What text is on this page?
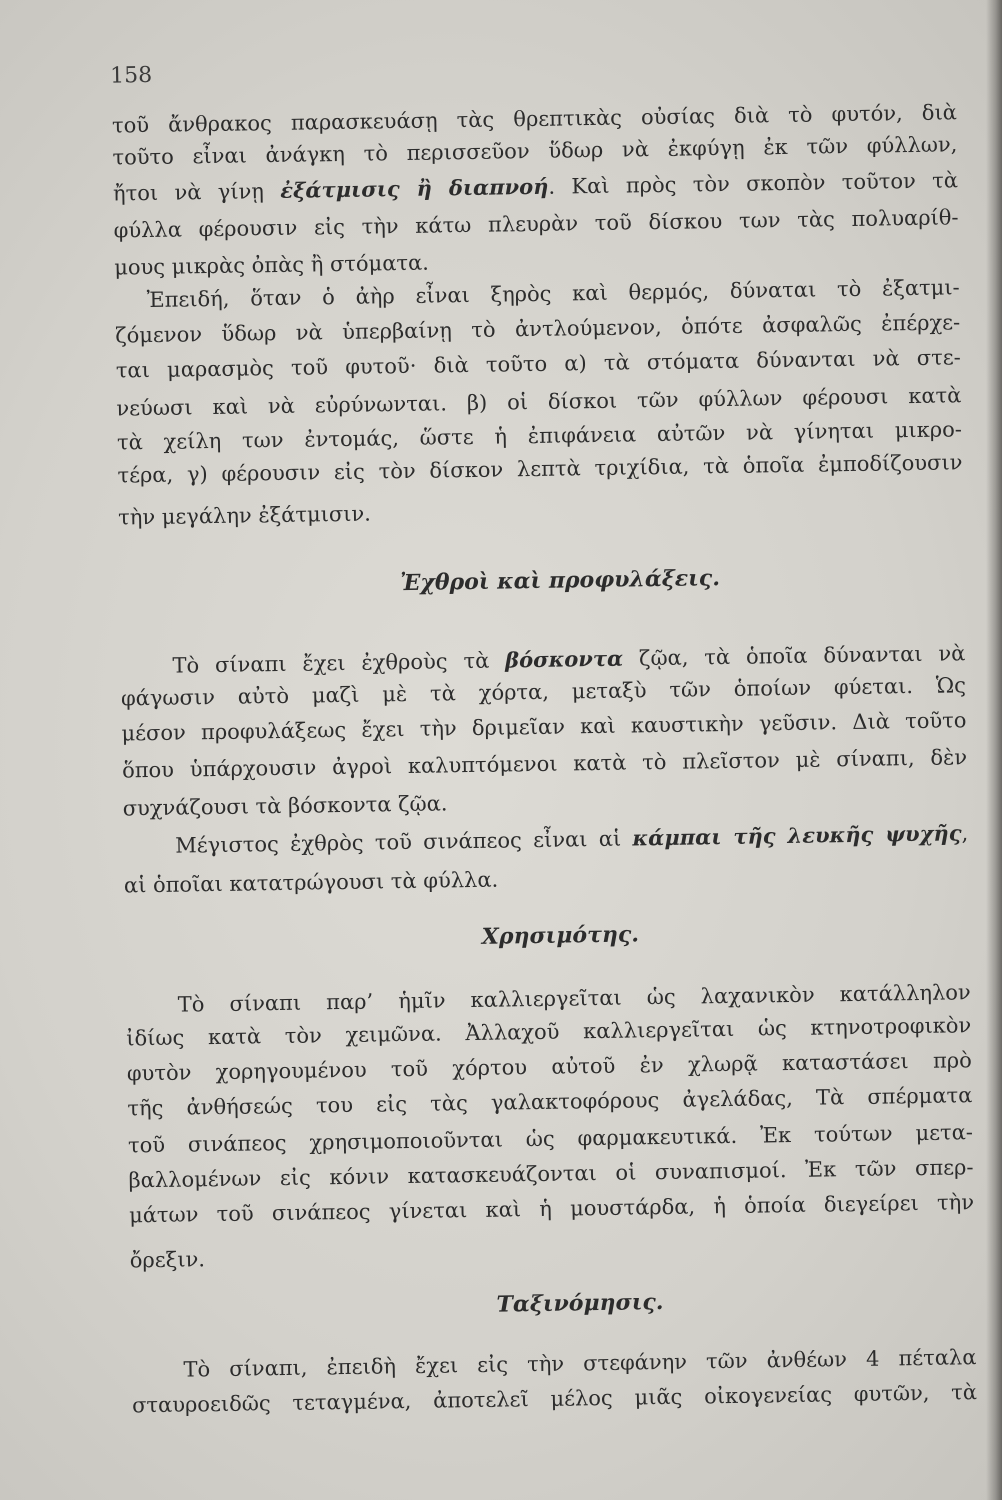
158
τοῦ ἄνθρακος παρασκευάσῃ τὰς θρεπτικὰς οὐσίας διὰ τὸ φυτόν, διὰ
τοῦτο εἶναι ἀνάγκη τὸ περισσεῦον ὕδωρ νὰ ἐκφύγῃ ἐκ τῶν φύλλων,
ἤτοι νὰ γίνῃ ἐξάτμισις ἢ διαπνοή. Καὶ πρὸς τὸν σκοπὸν τοῦτον τὰ
φύλλα φέρουσιν εἰς τὴν κάτω πλευρὰν τοῦ δίσκου των τὰς πολυαρίθ-
μους μικρὰς ὀπὰς ἢ στόματα.
Ἐπειδή, ὅταν ὁ ἀὴρ εἶναι ξηρὸς καὶ θερμός, δύναται τὸ ἐξατμι-
ζόμενον ὕδωρ νὰ ὑπερβαίνῃ τὸ ἀντλούμενον, ὁπότε ἀσφαλῶς ἐπέρχε-
ται μαρασμὸς τοῦ φυτοῦ· διὰ τοῦτο α) τὰ στόματα δύνανται νὰ στε-
νεύωσι καὶ νὰ εὐρύνωνται. β) οἱ δίσκοι τῶν φύλλων φέρουσι κατὰ
τὰ χείλη των ἐντομάς, ὥστε ἡ ἐπιφάνεια αὐτῶν νὰ γίνηται μικρο-
τέρα, γ) φέρουσιν εἰς τὸν δίσκον λεπτὰ τριχίδια, τὰ ὁποῖα ἐμποδίζουσιν
τὴν μεγάλην ἐξάτμισιν.
Ἐχθροὶ καὶ προφυλάξεις.
Τὸ σίναπι ἔχει ἐχθροὺς τὰ βόσκοντα ζῷα, τὰ ὁποῖα δύνανται νὰ
φάγωσιν αὐτὸ μαζὶ μὲ τὰ χόρτα, μεταξὺ τῶν ὁποίων φύεται. Ὡς
μέσον προφυλάξεως ἔχει τὴν δριμεῖαν καὶ καυστικὴν γεῦσιν. Διὰ τοῦτο
ὅπου ὑπάρχουσιν ἀγροὶ καλυπτόμενοι κατὰ τὸ πλεῖστον μὲ σίναπι, δὲν
συχνάζουσι τὰ βόσκοντα ζῷα.
Μέγιστος ἐχθρὸς τοῦ σινάπεος εἶναι αἱ κάμπαι τῆς λευκῆς ψυχῆς,
αἱ ὁποῖαι κατατρώγουσι τὰ φύλλα.
Χρησιμότης.
Τὸ σίναπι παρ’ ἡμῖν καλλιεργεῖται ὡς λαχανικὸν κατάλληλον
ἰδίως κατὰ τὸν χειμῶνα. Ἀλλαχοῦ καλλιεργεῖται ὡς κτηνοτροφικὸν
φυτὸν χορηγουμένου τοῦ χόρτου αὐτοῦ ἐν χλωρᾷ καταστάσει πρὸ
τῆς ἀνθήσεώς του εἰς τὰς γαλακτοφόρους ἀγελάδας, Τὰ σπέρματα
τοῦ σινάπεος χρησιμοποιοῦνται ὡς φαρμακευτικά. Ἐκ τούτων μετα-
βαλλομένων εἰς κόνιν κατασκευάζονται οἱ συναπισμοί. Ἐκ τῶν σπερ-
μάτων τοῦ σινάπεος γίνεται καὶ ἡ μουστάρδα, ἡ ὁποία διεγείρει τὴν
ὄρεξιν.
Ταξινόμησις.
Τὸ σίναπι, ἐπειδὴ ἔχει εἰς τὴν στεφάνην τῶν ἀνθέων 4 πέταλα
σταυροειδῶς τεταγμένα, ἀποτελεῖ μέλος μιᾶς οἰκογενείας φυτῶν, τὰ
